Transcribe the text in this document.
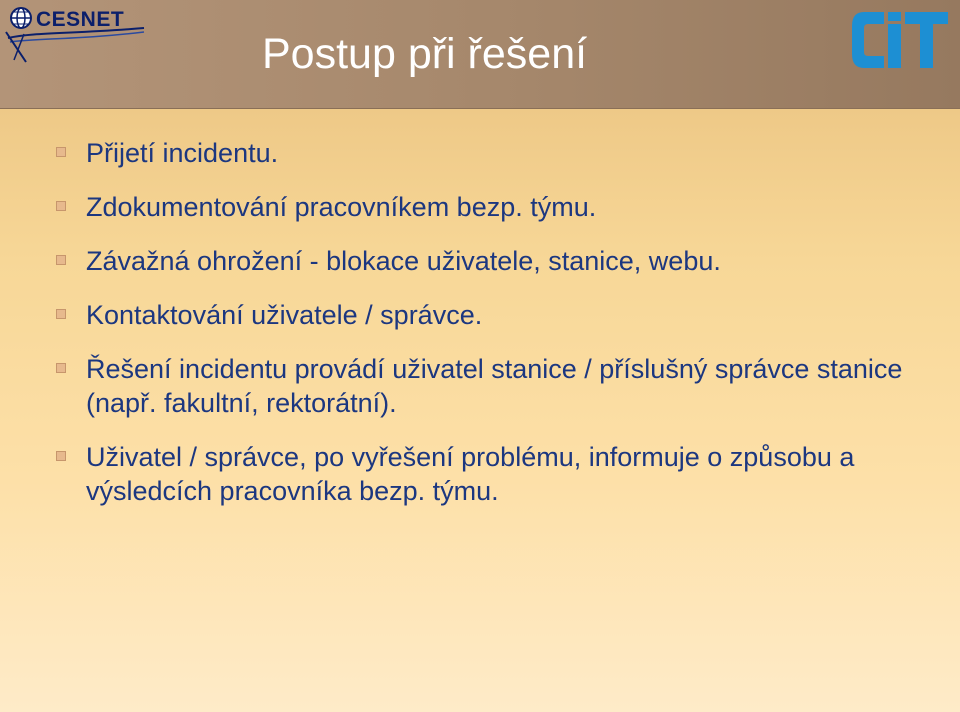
CESNET
Postup při řešení
Přijetí incidentu.
Zdokumentování pracovníkem bezp. týmu.
Závažná ohrožení - blokace uživatele, stanice, webu.
Kontaktování uživatele / správce.
Řešení incidentu provádí uživatel stanice / příslušný správce stanice (např. fakultní, rektorátní).
Uživatel / správce, po vyřešení problému, informuje o způsobu a výsledcích pracovníka bezp. týmu.
